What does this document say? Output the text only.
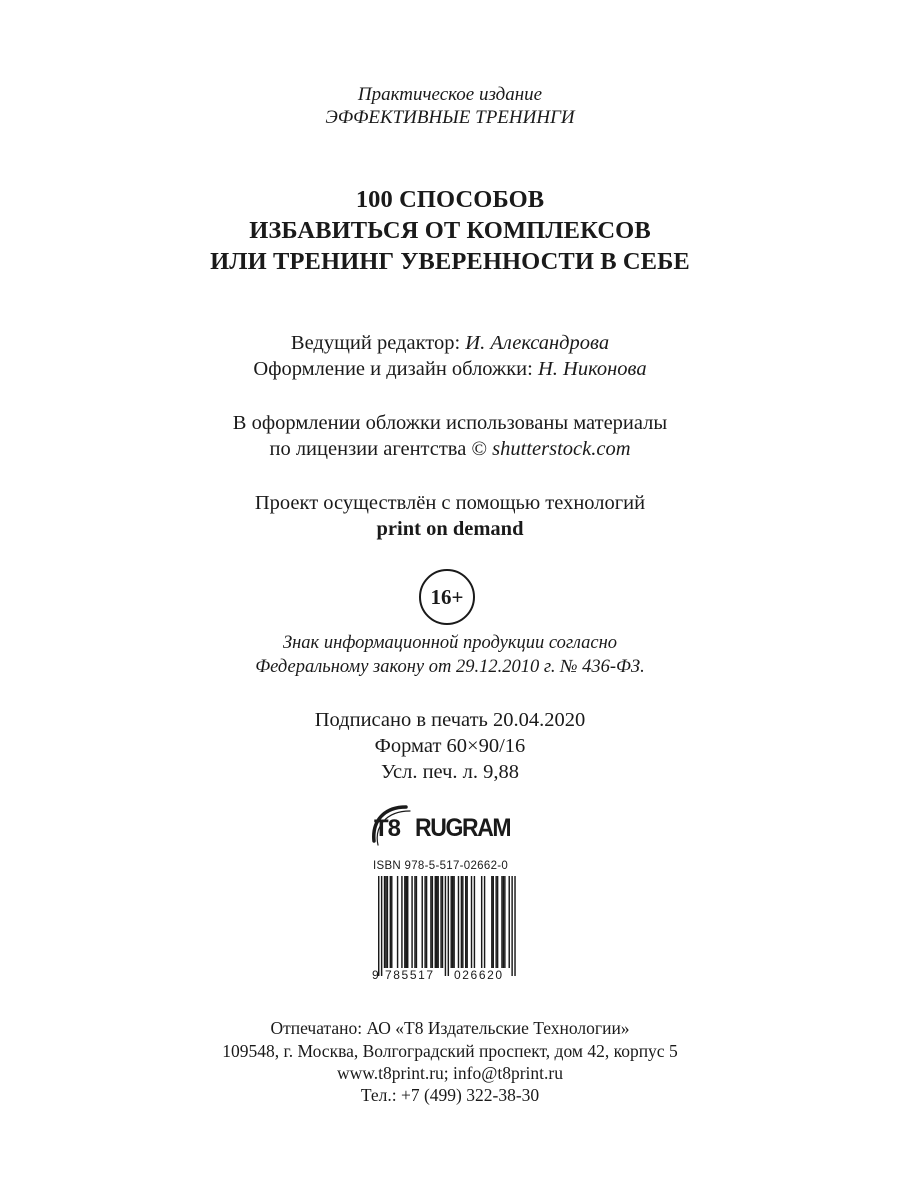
Практическое издание
ЭФФЕКТИВНЫЕ ТРЕНИНГИ
100 СПОСОБОВ
ИЗБАВИТЬСЯ ОТ КОМПЛЕКСОВ
ИЛИ ТРЕНИНГ УВЕРЕННОСТИ В СЕБЕ
Ведущий редактор: И. Александрова
Оформление и дизайн обложки: Н. Никонова
В оформлении обложки использованы материалы
по лицензии агентства © shutterstock.com
Проект осуществлён с помощью технологий
print on demand
16+
Знак информационной продукции согласно
Федеральному закону от 29.12.2010 г. № 436-ФЗ.
Подписано в печать 20.04.2020
Формат 60×90/16
Усл. печ. л. 9,88
T8 RUGRAM
ISBN 978-5-517-02662-0
9 785517 026620
Отпечатано: АО «Т8 Издательские Технологии»
109548, г. Москва, Волгоградский проспект, дом 42, корпус 5
www.t8print.ru; info@t8print.ru
Тел.: +7 (499) 322-38-30
